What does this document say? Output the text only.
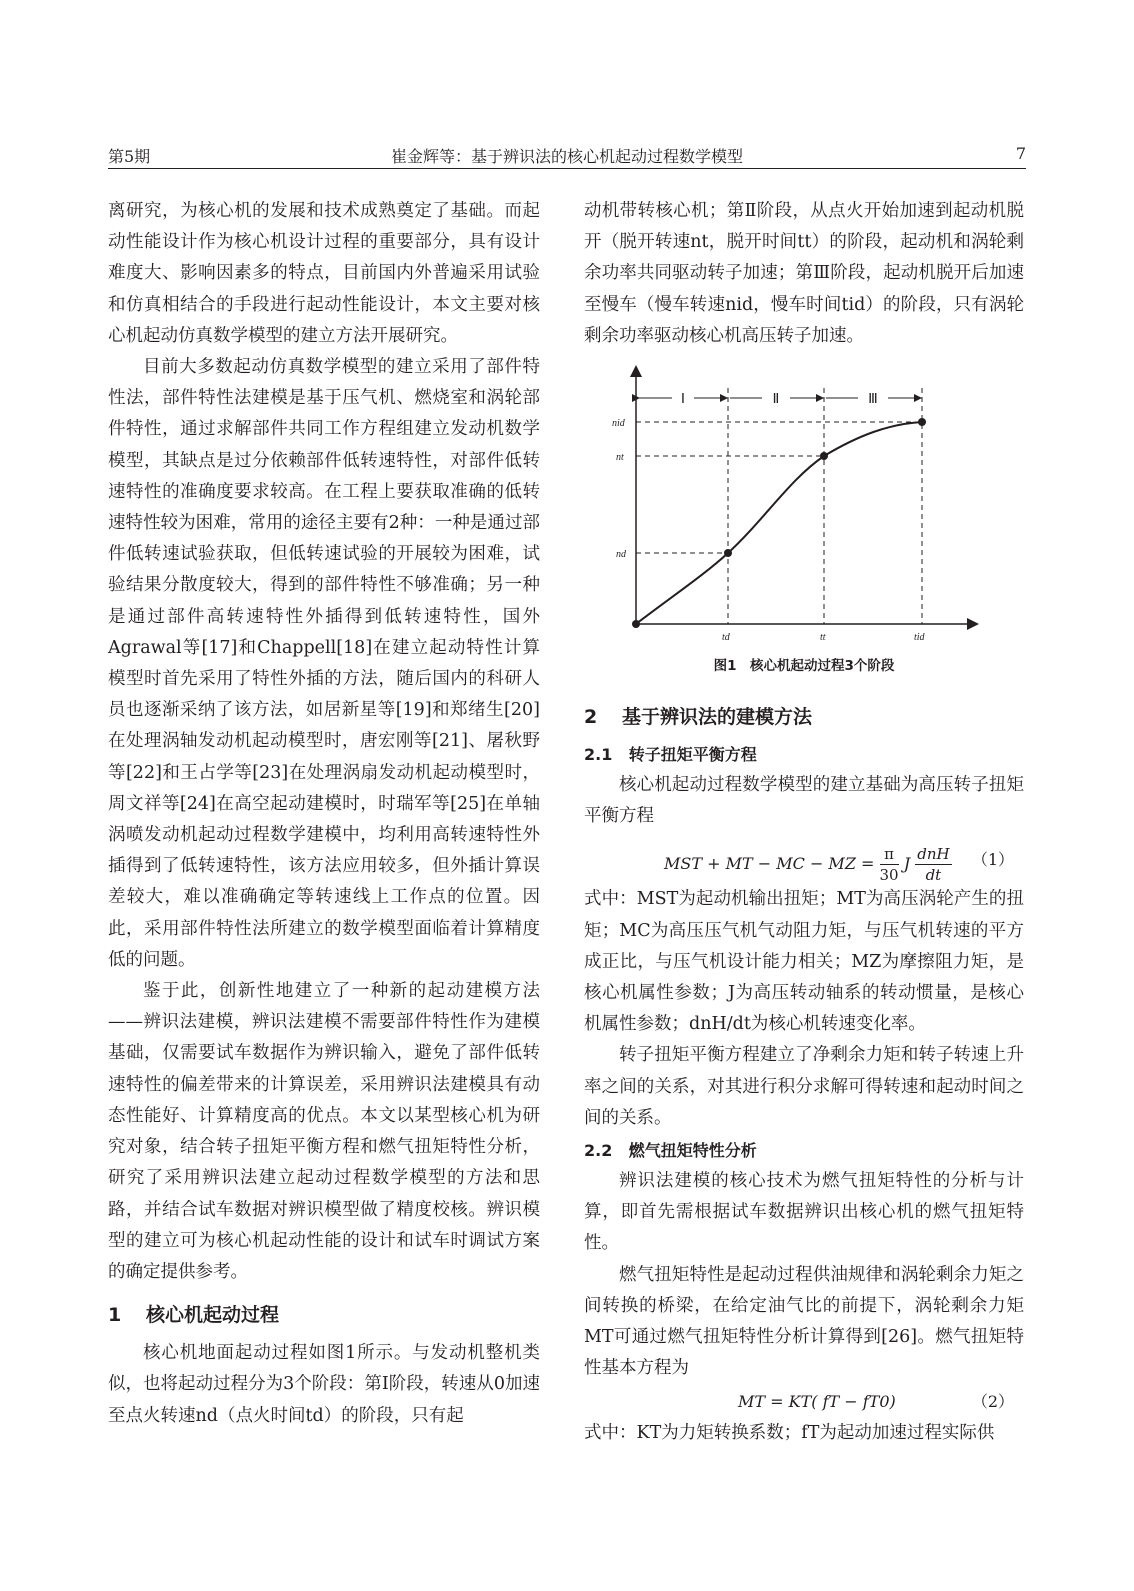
第5期	崔金辉等：基于辨识法的核心机起动过程数学模型	7

离研究，为核心机的发展和技术成熟奠定了基础。而起动性能设计作为核心机设计过程的重要部分，具有设计难度大、影响因素多的特点，目前国内外普遍采用试验和仿真相结合的手段进行起动性能设计，本文主要对核心机起动仿真数学模型的建立方法开展研究。

目前大多数起动仿真数学模型的建立采用了部件特性法，部件特性法建模是基于压气机、燃烧室和涡轮部件特性，通过求解部件共同工作方程组建立发动机数学模型，其缺点是过分依赖部件低转速特性，对部件低转速特性的准确度要求较高。在工程上要获取准确的低转速特性较为困难，常用的途径主要有2种：一种是通过部件低转速试验获取，但低转速试验的开展较为困难，试验结果分散度较大，得到的部件特性不够准确；另一种是通过部件高转速特性外插得到低转速特性，国外Agrawal等[17]和Chappell[18]在建立起动特性计算模型时首先采用了特性外插的方法，随后国内的科研人员也逐渐采纳了该方法，如居新星等[19]和郑绪生[20]在处理涡轴发动机起动模型时，唐宏刚等[21]、屠秋野等[22]和王占学等[23]在处理涡扇发动机起动模型时，周文祥等[24]在高空起动建模时，时瑞军等[25]在单轴涡喷发动机起动过程数学建模中，均利用高转速特性外插得到了低转速特性，该方法应用较多，但外插计算误差较大，难以准确确定等转速线上工作点的位置。因此，采用部件特性法所建立的数学模型面临着计算精度低的问题。

鉴于此，创新性地建立了一种新的起动建模方法——辨识法建模，辨识法建模不需要部件特性作为建模基础，仅需要试车数据作为辨识输入，避免了部件低转速特性的偏差带来的计算误差，采用辨识法建模具有动态性能好、计算精度高的优点。本文以某型核心机为研究对象，结合转子扭矩平衡方程和燃气扭矩特性分析，研究了采用辨识法建立起动过程数学模型的方法和思路，并结合试车数据对辨识模型做了精度校核。辨识模型的建立可为核心机起动性能的设计和试车时调试方案的确定提供参考。

1 核心机起动过程

核心机地面起动过程如图1所示。与发动机整机类似，也将起动过程分为3个阶段：第Ⅰ阶段，转速从0加速至点火转速nd（点火时间td）的阶段，只有起

动机带转核心机；第Ⅱ阶段，从点火开始加速到起动机脱开（脱开转速nt，脱开时间tt）的阶段，起动机和涡轮剩余功率共同驱动转子加速；第Ⅲ阶段，起动机脱开后加速至慢车（慢车转速nid，慢车时间tid）的阶段，只有涡轮剩余功率驱动核心机高压转子加速。

Ⅰ	Ⅱ	Ⅲ
nid
nt
nd
td	tt	tid
图1　核心机起动过程3个阶段
2 基于辨识法的建模方法
2.1 转子扭矩平衡方程

核心机起动过程数学模型的建立基础为高压转子扭矩平衡方程

MST + MT − MC − MZ = $\frac{\pi}{30}$ J $\frac{\text{dnH}}{dt} (1)$

式中：MST为起动机输出扭矩；MT为高压涡轮产生的扭矩；MC为高压压气机气动阻力矩，与压气机转速的平方成正比，与压气机设计能力相关；MZ为摩擦阻力矩，是核心机属性参数；J为高压转动轴系的转动惯量，是核心机属性参数；dnH/dt为核心机转速变化率。

转子扭矩平衡方程建立了净剩余力矩和转子转速上升率之间的关系，对其进行积分求解可得转速和起动时间之间的关系。

2.2 燃气扭矩特性分析

辨识法建模的核心技术为燃气扭矩特性的分析与计算，即首先需根据试车数据辨识出核心机的燃气扭矩特性。

燃气扭矩特性是起动过程供油规律和涡轮剩余力矩之间转换的桥梁，在给定油气比的前提下，涡轮剩余力矩MT可通过燃气扭矩特性分析计算得到[26]。燃气扭矩特性基本方程为

MT = KT( fT − fT0)	（2）

式中：KT为力矩转换系数；fT为起动加速过程实际供
